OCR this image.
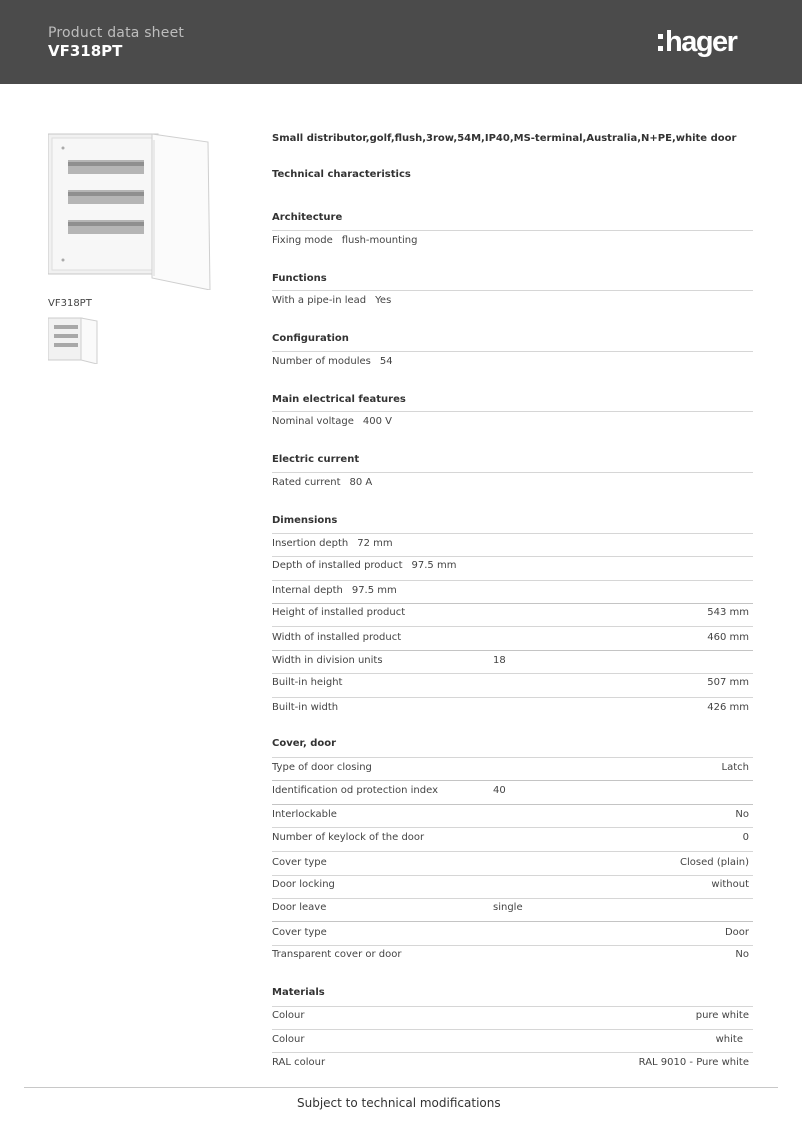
Product data sheet
VF318PT	hager
VF318PT
Small distributor,golf,flush,3row,54M,IP40,MS-terminal,Australia,N+PE,white door
Technical characteristics
Architecture
Fixing mode flush-mounting
Functions
With a pipe-in lead Yes
Configuration
Number of modules 54
Main electrical features
Nominal voltage 400 V
Electric current
Rated current 80 A
Dimensions
Insertion depth 72 mm
Depth of installed product 97.5 mm
Internal depth 97.5 mm
Height of installed product	543 mm
Width of installed product	460 mm
Width in division units	18
Built-in height	507 mm
Built-in width	426 mm
Cover, door
Type of door closing	Latch
Identification od protection index	40
Interlockable	No
Number of keylock of the door	0
Cover type	Closed (plain)
Door locking	without
Door leave	single
Cover type	Door
Transparent cover or door	No
Materials
Colour	pure white
Colour	white
RAL colour	RAL 9010 - Pure white
Subject to technical modifications
